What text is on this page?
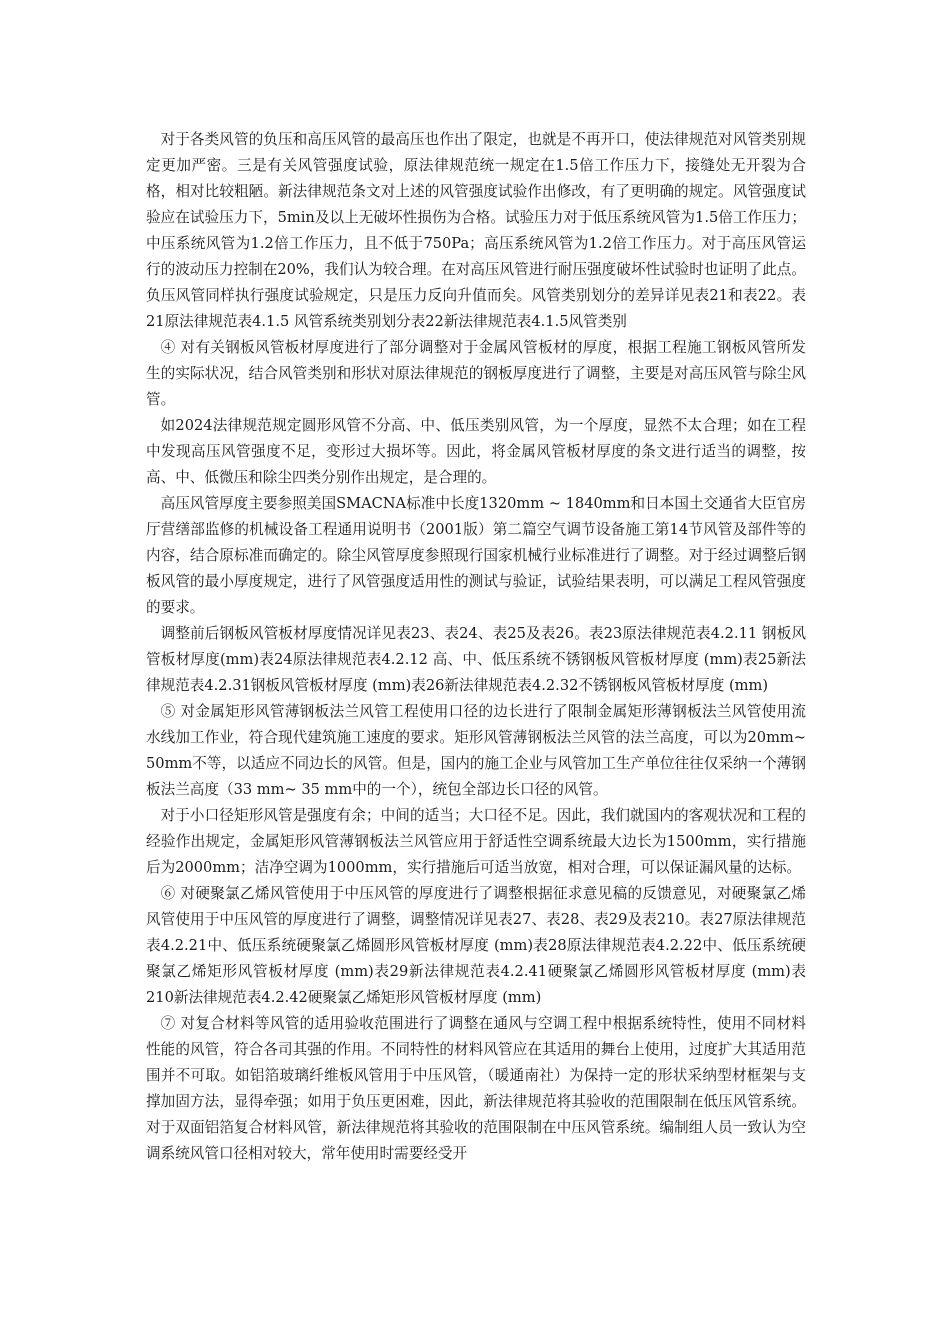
对于各类风管的负压和高压风管的最高压也作出了限定，也就是不再开口，使法律规范对风管类别规定更加严密。三是有关风管强度试验，原法律规范统一规定在1.5倍工作压力下，接缝处无开裂为合格，相对比较粗陋。新法律规范条文对上述的风管强度试验作出修改，有了更明确的规定。风管强度试验应在试验压力下，5min及以上无破坏性损伤为合格。试验压力对于低压系统风管为1.5倍工作压力；中压系统风管为1.2倍工作压力，且不低于750Pa；高压系统风管为1.2倍工作压力。对于高压风管运行的波动压力控制在20%，我们认为较合理。在对高压风管进行耐压强度破坏性试验时也证明了此点。负压风管同样执行强度试验规定，只是压力反向升值而矣。风管类别划分的差异详见表21和表22。表21原法律规范表4.1.5 风管系统类别划分表22新法律规范表4.1.5风管类别

④ 对有关钢板风管板材厚度进行了部分调整对于金属风管板材的厚度，根据工程施工钢板风管所发生的实际状况，结合风管类别和形状对原法律规范的钢板厚度进行了调整，主要是对高压风管与除尘风管。

如2024法律规范规定圆形风管不分高、中、低压类别风管，为一个厚度，显然不太合理；如在工程中发现高压风管强度不足，变形过大损坏等。因此，将金属风管板材厚度的条文进行适当的调整，按高、中、低微压和除尘四类分别作出规定，是合理的。

高压风管厚度主要参照美国SMACNA标准中长度1320mm ~ 1840mm和日本国土交通省大臣官房厅营缮部监修的机械设备工程通用说明书（2001版）第二篇空气调节设备施工第14节风管及部件等的内容，结合原标准而确定的。除尘风管厚度参照现行国家机械行业标准进行了调整。对于经过调整后钢板风管的最小厚度规定，进行了风管强度适用性的测试与验证，试验结果表明，可以满足工程风管强度的要求。

调整前后钢板风管板材厚度情况详见表23、表24、表25及表26。表23原法律规范表4.2.11 钢板风管板材厚度(mm)表24原法律规范表4.2.12 高、中、低压系统不锈钢板风管板材厚度 (mm)表25新法律规范表4.2.31钢板风管板材厚度 (mm)表26新法律规范表4.2.32不锈钢板风管板材厚度 (mm)

⑤ 对金属矩形风管薄钢板法兰风管工程使用口径的边长进行了限制金属矩形薄钢板法兰风管使用流水线加工作业，符合现代建筑施工速度的要求。矩形风管薄钢板法兰风管的法兰高度，可以为20mm~ 50mm不等，以适应不同边长的风管。但是，国内的施工企业与风管加工生产单位往往仅采纳一个薄钢板法兰高度（33 mm~ 35 mm中的一个），统包全部边长口径的风管。

对于小口径矩形风管是强度有余；中间的适当；大口径不足。因此，我们就国内的客观状况和工程的经验作出规定，金属矩形风管薄钢板法兰风管应用于舒适性空调系统最大边长为1500mm，实行措施后为2000mm；洁净空调为1000mm，实行措施后可适当放宽，相对合理，可以保证漏风量的达标。

⑥ 对硬聚氯乙烯风管使用于中压风管的厚度进行了调整根据征求意见稿的反馈意见，对硬聚氯乙烯风管使用于中压风管的厚度进行了调整，调整情况详见表27、表28、表29及表210。表27原法律规范表4.2.21中、低压系统硬聚氯乙烯圆形风管板材厚度 (mm)表28原法律规范表4.2.22中、低压系统硬聚氯乙烯矩形风管板材厚度 (mm)表29新法律规范表4.2.41硬聚氯乙烯圆形风管板材厚度 (mm)表210新法律规范表4.2.42硬聚氯乙烯矩形风管板材厚度 (mm)

⑦ 对复合材料等风管的适用验收范围进行了调整在通风与空调工程中根据系统特性，使用不同材料性能的风管，符合各司其强的作用。不同特性的材料风管应在其适用的舞台上使用，过度扩大其适用范围并不可取。如铝箔玻璃纤维板风管用于中压风管，（暖通南社）为保持一定的形状采纳型材框架与支撑加固方法，显得牵强；如用于负压更困难，因此，新法律规范将其验收的范围限制在低压风管系统。对于双面铝箔复合材料风管，新法律规范将其验收的范围限制在中压风管系统。编制组人员一致认为空调系统风管口径相对较大，常年使用时需要经受开
